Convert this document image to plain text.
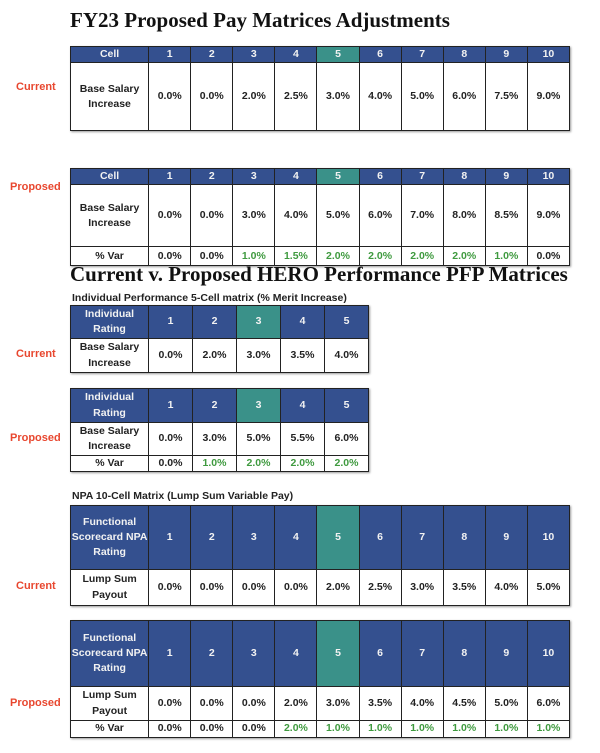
FY23 Proposed Pay Matrices Adjustments
Current
Cell	1	2	3	4	5	6	7	8	9	10
Base Salary Increase	0.0%	0.0%	2.0%	2.5%	3.0%	4.0%	5.0%	6.0%	7.5%	9.0%
Proposed
Cell	1	2	3	4	5	6	7	8	9	10
Base Salary Increase	0.0%	0.0%	3.0%	4.0%	5.0%	6.0%	7.0%	8.0%	8.5%	9.0%
% Var	0.0%	0.0%	1.0%	1.5%	2.0%	2.0%	2.0%	2.0%	1.0%	0.0%
Current v. Proposed HERO Performance PFP Matrices
Individual Performance 5-Cell matrix (% Merit Increase)
Current
Individual Rating	1	2	3	4	5
Base Salary Increase	0.0%	2.0%	3.0%	3.5%	4.0%
Proposed
Individual Rating	1	2	3	4	5
Base Salary Increase	0.0%	3.0%	5.0%	5.5%	6.0%
% Var	0.0%	1.0%	2.0%	2.0%	2.0%
NPA 10-Cell Matrix (Lump Sum Variable Pay)
Current
Functional Scorecard NPA Rating	1	2	3	4	5	6	7	8	9	10
Lump Sum Payout	0.0%	0.0%	0.0%	0.0%	2.0%	2.5%	3.0%	3.5%	4.0%	5.0%
Proposed
Functional Scorecard NPA Rating	1	2	3	4	5	6	7	8	9	10
Lump Sum Payout	0.0%	0.0%	0.0%	2.0%	3.0%	3.5%	4.0%	4.5%	5.0%	6.0%
% Var	0.0%	0.0%	0.0%	2.0%	1.0%	1.0%	1.0%	1.0%	1.0%	1.0%
